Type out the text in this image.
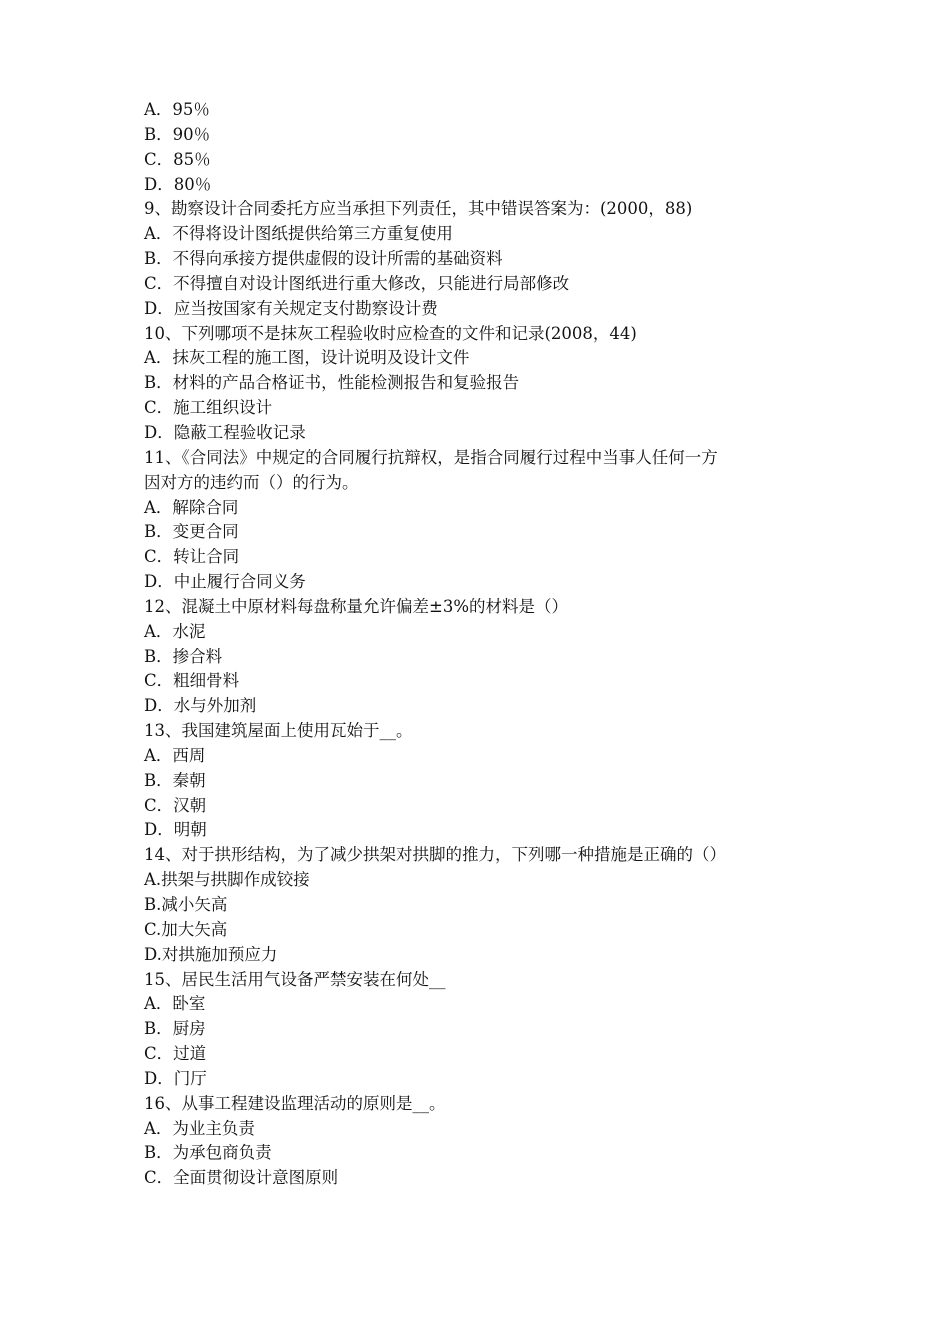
A．95％
B．90％
C．85％
D．80％
9、勘察设计合同委托方应当承担下列责任，其中错误答案为：(2000，88)
A．不得将设计图纸提供给第三方重复使用
B．不得向承接方提供虚假的设计所需的基础资料
C．不得擅自对设计图纸进行重大修改，只能进行局部修改
D．应当按国家有关规定支付勘察设计费
10、下列哪项不是抹灰工程验收时应检查的文件和记录(2008，44)
A．抹灰工程的施工图，设计说明及设计文件
B．材料的产品合格证书，性能检测报告和复验报告
C．施工组织设计
D．隐蔽工程验收记录
11、《合同法》中规定的合同履行抗辩权，是指合同履行过程中当事人任何一方
因对方的违约而（）的行为。
A．解除合同
B．变更合同
C．转让合同
D．中止履行合同义务
12、混凝土中原材料每盘称量允许偏差±3%的材料是（）
A．水泥
B．掺合料
C．粗细骨料
D．水与外加剂
13、我国建筑屋面上使用瓦始于__。
A．西周
B．秦朝
C．汉朝
D．明朝
14、对于拱形结构，为了减少拱架对拱脚的推力，下列哪一种措施是正确的（）
A.拱架与拱脚作成铰接
B.减小矢高
C.加大矢高
D.对拱施加预应力
15、居民生活用气设备严禁安装在何处__
A．卧室
B．厨房
C．过道
D．门厅
16、从事工程建设监理活动的原则是__。
A．为业主负责
B．为承包商负责
C．全面贯彻设计意图原则
